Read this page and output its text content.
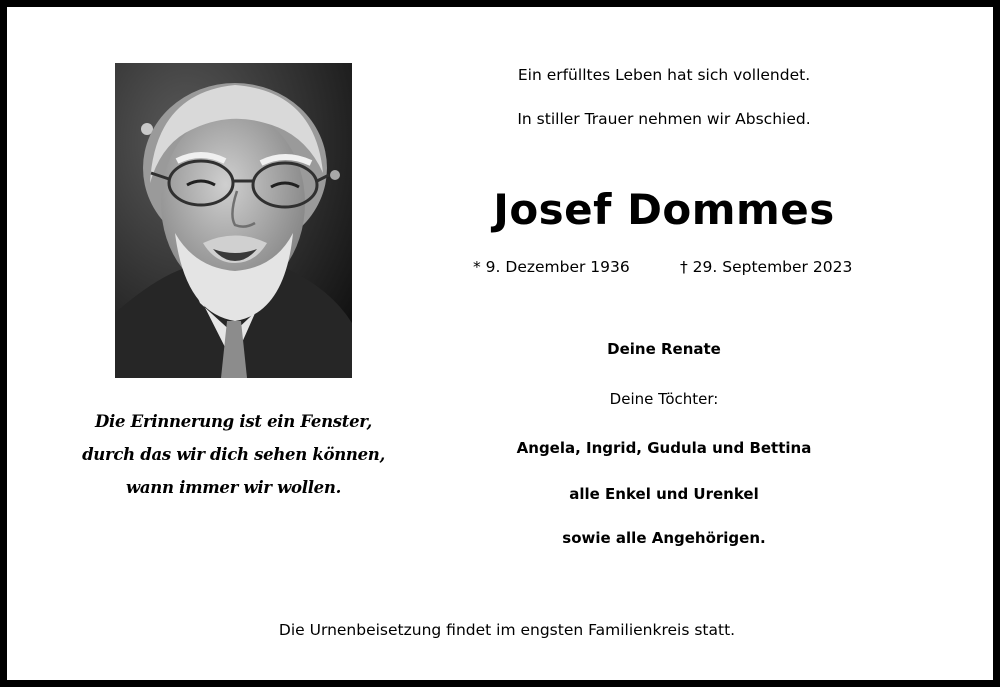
Die Erinnerung ist ein Fenster,
durch das wir dich sehen können,
wann immer wir wollen.
Ein erfülltes Leben hat sich vollendet.
In stiller Trauer nehmen wir Abschied.
Josef Dommes
* 9. Dezember 1936	† 29. September 2023
Deine Renate
Deine Töchter:
Angela, Ingrid, Gudula und Bettina
alle Enkel und Urenkel
sowie alle Angehörigen.
Die Urnenbeisetzung findet im engsten Familienkreis statt.
